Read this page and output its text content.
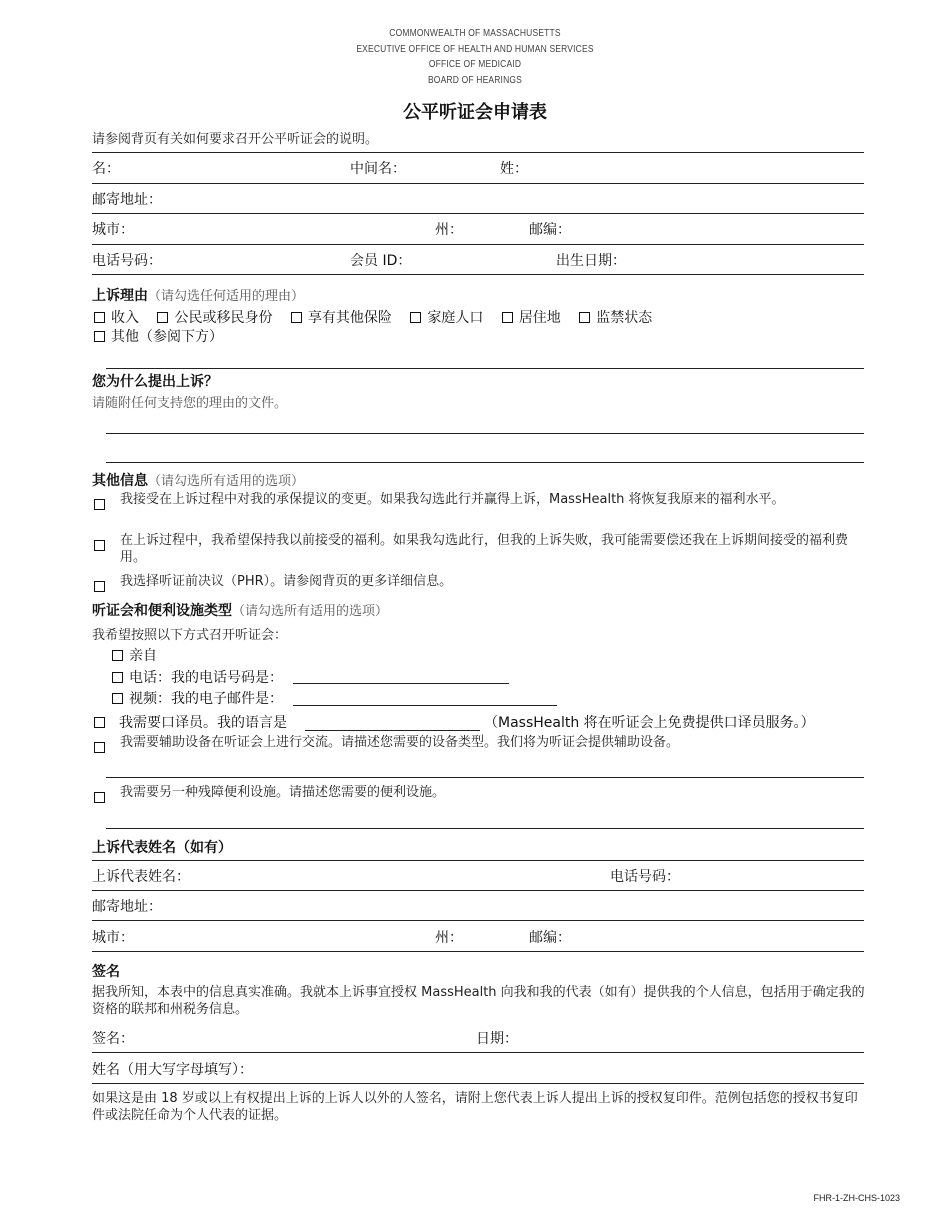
COMMONWEALTH OF MASSACHUSETTS
EXECUTIVE OFFICE OF HEALTH AND HUMAN SERVICES
OFFICE OF MEDICAID
BOARD OF HEARINGS
公平听证会申请表
请参阅背页有关如何要求召开公平听证会的说明。
名：	中间名：	姓：
邮寄地址：
城市：	州：	邮编：
电话号码：	会员 ID：	出生日期：
上诉理由（请勾选任何适用的理由）
收入	公民或移民身份	享有其他保险	家庭人口	居住地	监禁状态
其他（参阅下方）
您为什么提出上诉？
请随附任何支持您的理由的文件。
其他信息（请勾选所有适用的选项）
我接受在上诉过程中对我的承保提议的变更。如果我勾选此行并赢得上诉，MassHealth 将恢复我原来的福利水平。
在上诉过程中，我希望保持我以前接受的福利。如果我勾选此行，但我的上诉失败，我可能需要偿还我在上诉期间接受的福利费用。
我选择听证前决议（PHR）。请参阅背页的更多详细信息。
听证会和便利设施类型（请勾选所有适用的选项）
我希望按照以下方式召开听证会：
亲自
电话：我的电话号码是：
视频：我的电子邮件是：
我需要口译员。我的语言是	（MassHealth 将在听证会上免费提供口译员服务。）
我需要辅助设备在听证会上进行交流。请描述您需要的设备类型。我们将为听证会提供辅助设备。
我需要另一种残障便利设施。请描述您需要的便利设施。
上诉代表姓名（如有）
上诉代表姓名：	电话号码：
邮寄地址：
城市：	州：	邮编：
签名
据我所知，本表中的信息真实准确。我就本上诉事宜授权 MassHealth 向我和我的代表（如有）提供我的个人信息，包括用于确定我的资格的联邦和州税务信息。
签名：	日期：
姓名（用大写字母填写）：
如果这是由 18 岁或以上有权提出上诉的上诉人以外的人签名，请附上您代表上诉人提出上诉的授权复印件。范例包括您的授权书复印件或法院任命为个人代表的证据。
FHR-1-ZH-CHS-1023
